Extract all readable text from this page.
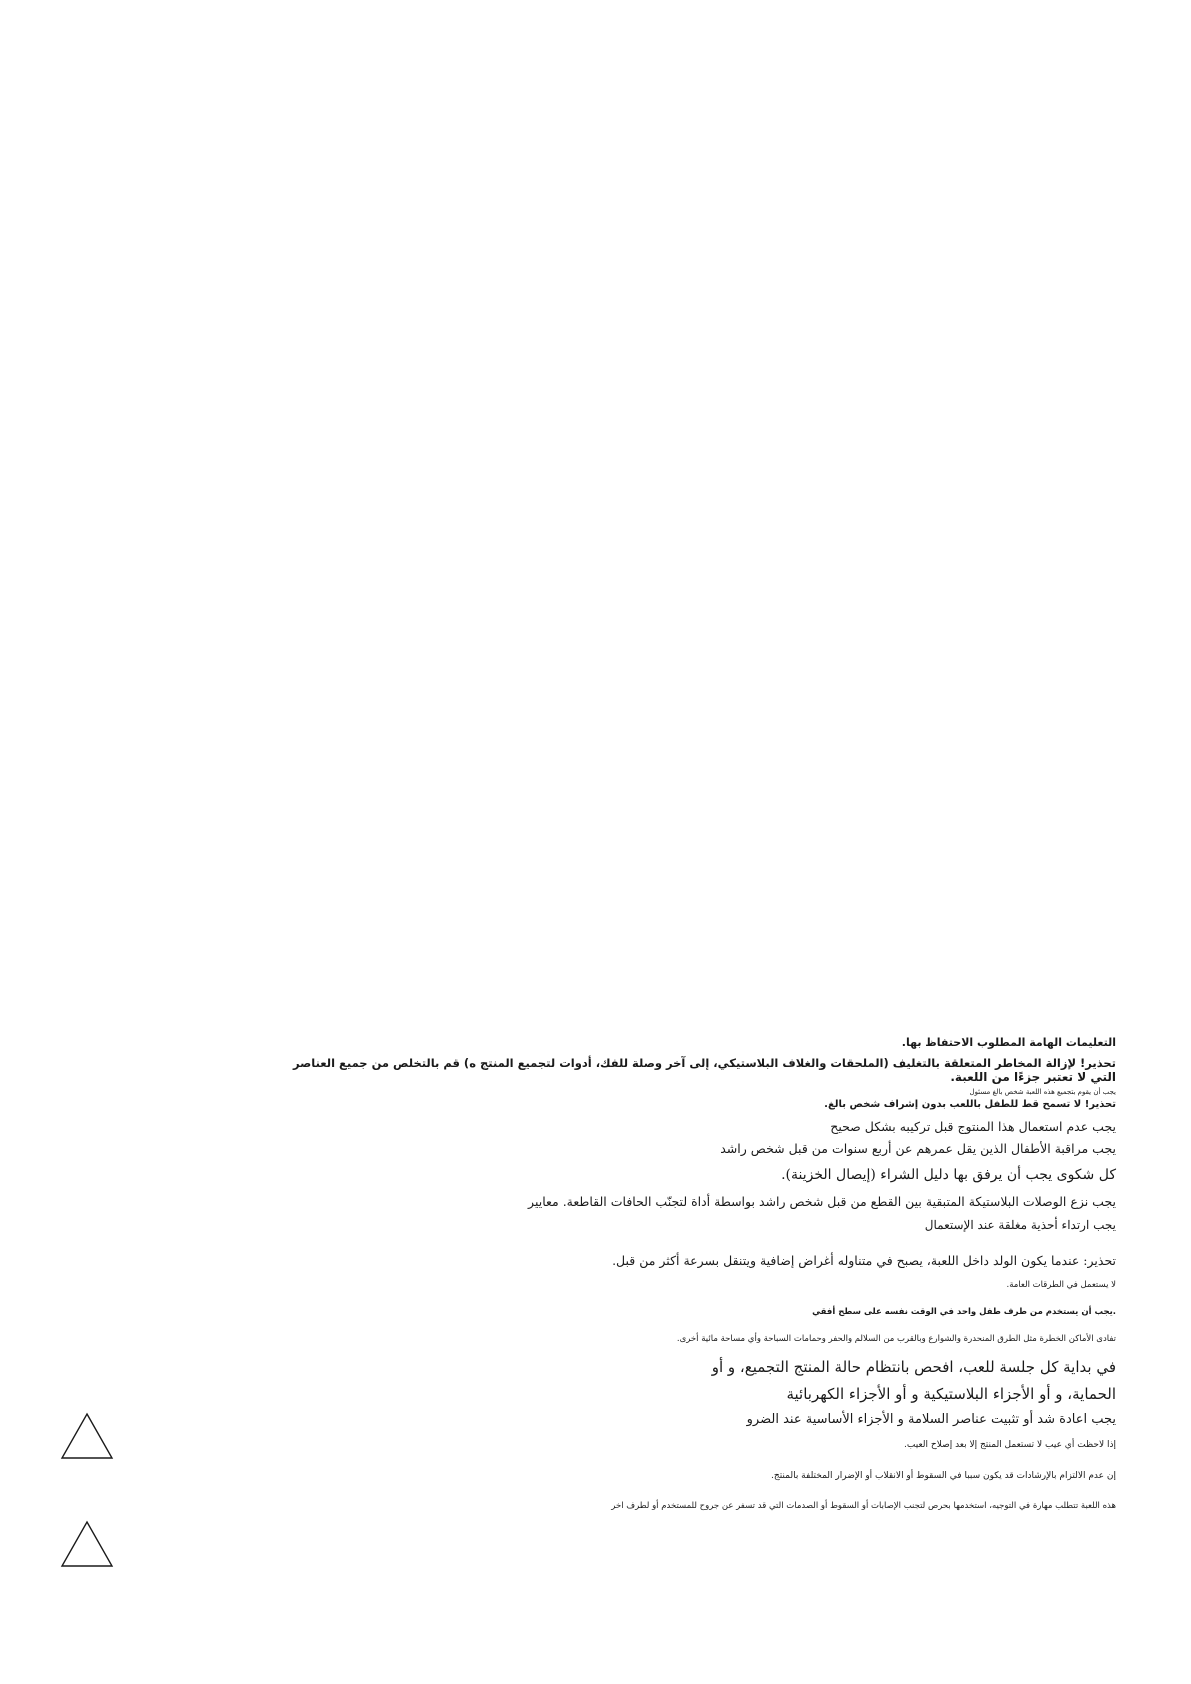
التعليمات الهامة المطلوب الاحتفاظ بها.
تحذير! لإزالة المخاطر المتعلقة بالتغليف (الملحقات والغلاف البلاستيكي، إلى آخر وصلة للفك، أدوات لتجميع المنتج ه) قم بالتخلص من جميع العناصر
التي لا تعتبر جزءًا من اللعبة.
يجب أن يقوم بتجميع هذه اللعبة شخص بالغ مسئول
تحذير! لا تسمح قط للطفل باللعب بدون إشراف شخص بالغ.
يجب عدم استعمال هذا المنتوج قبل تركيبه بشكل صحيح
يجب مراقبة الأطفال الذين يقل عمرهم عن أربع سنوات من قبل شخص راشد
كل شكوى يجب أن يرفق بها دليل الشراء (إيصال الخزينة).
يجب نزع الوصلات البلاستيكة المتبقية بين القطع من قبل شخص راشد بواسطة أداة لتجنّب الحافات القاطعة. معايير
يجب ارتداء أحذية مغلقة عند الإستعمال
تحذير: عندما يكون الولد داخل اللعبة، يصبح في متناوله أغراض إضافية ويتنقل بسرعة أكثر من قبل.
لا يستعمل في الطرقات العامة.
.يجب أن يستخدم من طرف طفل واحد في الوقت نفسه على سطح أفقي
تفادى الأماكن الخطرة مثل الطرق المنحدرة والشوارع وبالقرب من السلالم والحفر وحمامات السباحة وأي مساحة مائية أخرى.
في بداية كل جلسة للعب، افحص بانتظام حالة المنتج التجميع، و أو
الحماية، و أو الأجزاء البلاستيكية و أو الأجزاء الكهربائية
يجب اعادة شد أو تثبيت عناصر السلامة و الأجزاء الأساسية عند الضرو
إذا لاحظت أي عيب لا تستعمل المنتج إلا بعد إصلاح العيب.
إن عدم الالتزام بالإرشادات قد يكون سببا في السقوط أو الانقلاب أو الإضرار المختلفة بالمنتج.
هذه اللعبة تتطلب مهارة في التوجيه، استخدمها بحرص لتجنب الإصابات أو السقوط أو الصدمات التي قد تسفر عن جروح للمستخدم أو لطرف اخر
